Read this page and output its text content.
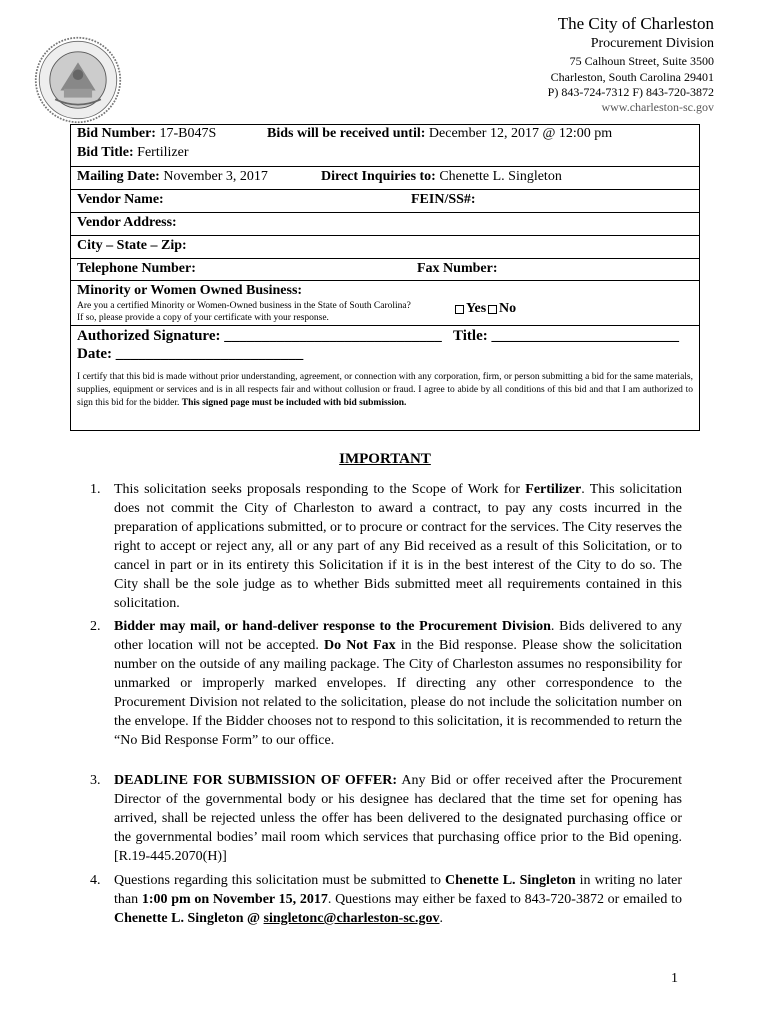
The City of Charleston
Procurement Division
75 Calhoun Street, Suite 3500
Charleston, South Carolina 29401
P) 843-724-7312 F) 843-720-3872
www.charleston-sc.gov
Bid Number: 17-B047S	Bids will be received until: December 12, 2017 @ 12:00 pm
Bid Title: Fertilizer
Mailing Date: November 3, 2017	Direct Inquiries to: Chenette L. Singleton
Vendor Name:	FEIN/SS#:
Vendor Address:
City – State – Zip:
Telephone Number:	Fax Number:
Minority or Women Owned Business:
Are you a certified Minority or Women-Owned business in the State of South Carolina?
If so, please provide a copy of your certificate with your response.
Yes No
Authorized Signature: _____________________________ Title: _________________________
Date: _________________________
I certify that this bid is made without prior understanding, agreement, or connection with any corporation, firm, or person submitting a bid for the same materials, supplies, equipment or services and is in all respects fair and without collusion or fraud. I agree to abide by all conditions of this bid and that I am authorized to sign this bid for the bidder. This signed page must be included with bid submission.
IMPORTANT
1. This solicitation seeks proposals responding to the Scope of Work for Fertilizer. This solicitation does not commit the City of Charleston to award a contract, to pay any costs incurred in the preparation of applications submitted, or to procure or contract for the services. The City reserves the right to accept or reject any, all or any part of any Bid received as a result of this Solicitation, or to cancel in part or in its entirety this Solicitation if it is in the best interest of the City to do so. The City shall be the sole judge as to whether Bids submitted meet all requirements contained in this solicitation.
2. Bidder may mail, or hand-deliver response to the Procurement Division. Bids delivered to any other location will not be accepted. Do Not Fax in the Bid response. Please show the solicitation number on the outside of any mailing package. The City of Charleston assumes no responsibility for unmarked or improperly marked envelopes. If directing any other correspondence to the Procurement Division not related to the solicitation, please do not include the solicitation number on the envelope. If the Bidder chooses not to respond to this solicitation, it is recommended to return the “No Bid Response Form” to our office.
3. DEADLINE FOR SUBMISSION OF OFFER: Any Bid or offer received after the Procurement Director of the governmental body or his designee has declared that the time set for opening has arrived, shall be rejected unless the offer has been delivered to the designated purchasing office or the governmental bodies’ mail room which services that purchasing office prior to the Bid opening. [R.19-445.2070(H)]
4. Questions regarding this solicitation must be submitted to Chenette L. Singleton in writing no later than 1:00 pm on November 15, 2017. Questions may either be faxed to 843-720-3872 or emailed to Chenette L. Singleton @ singletonc@charleston-sc.gov.
1
